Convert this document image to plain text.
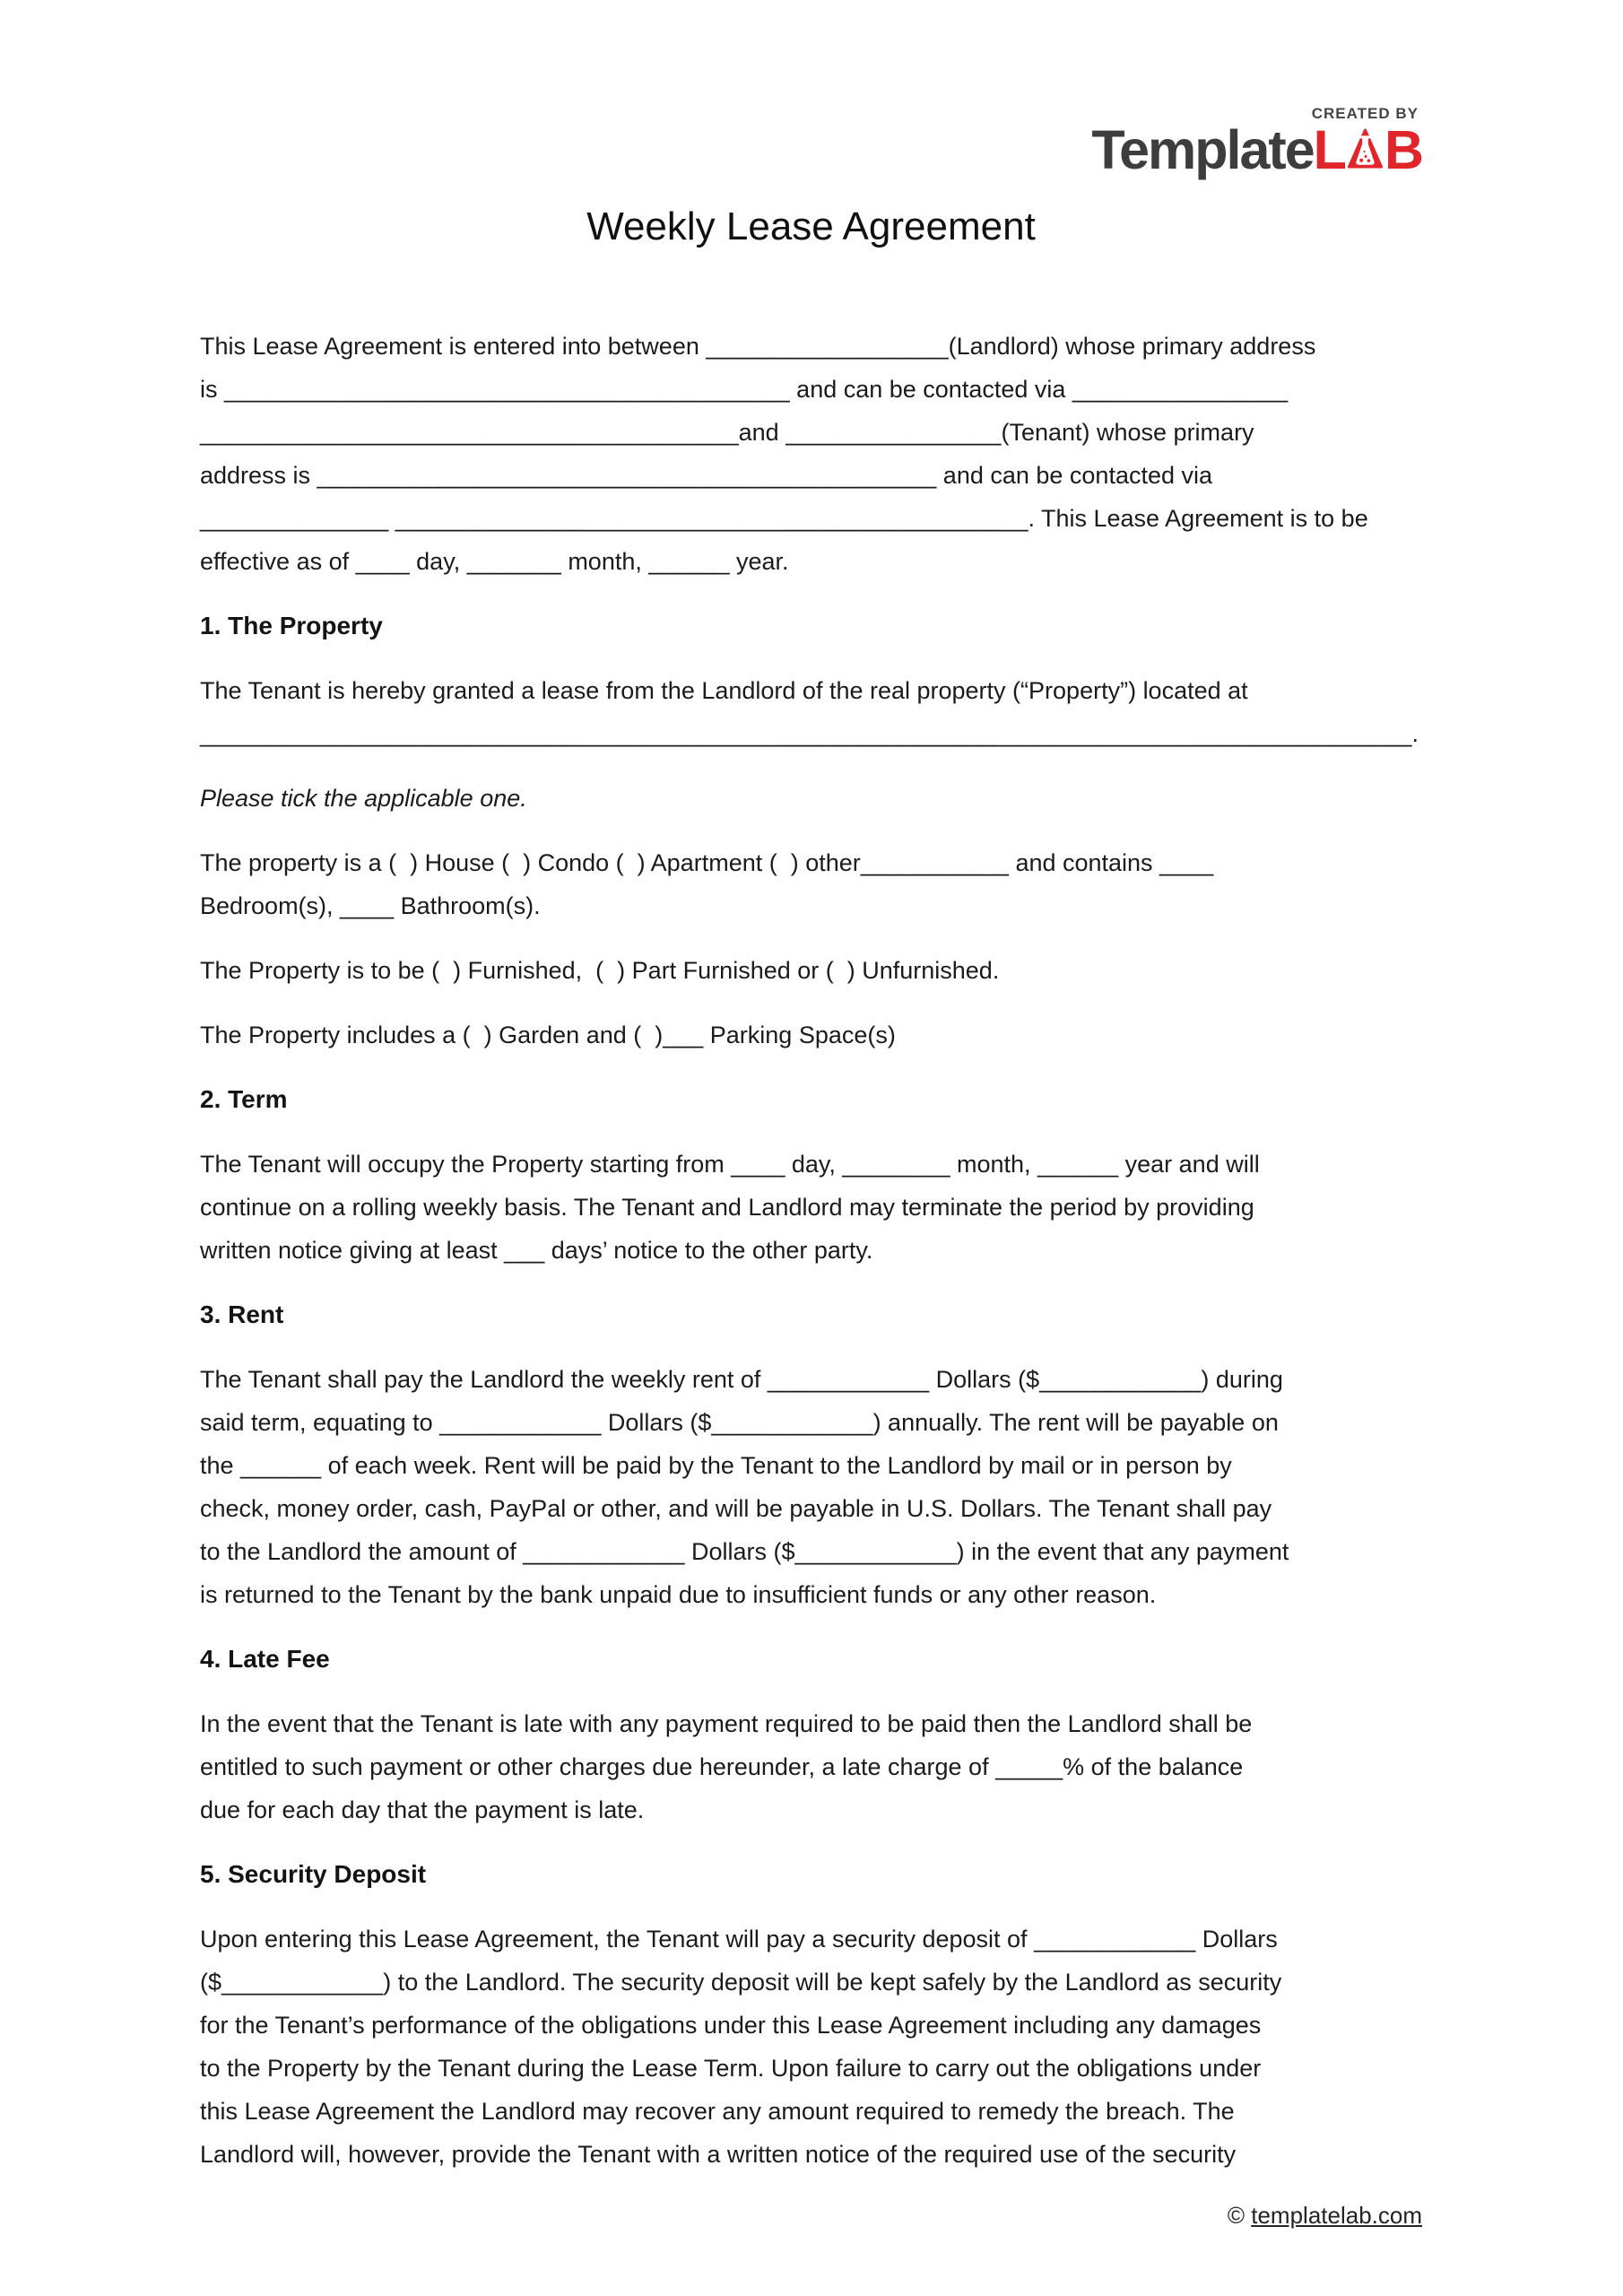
CREATED BY
TemplateL B
Weekly Lease Agreement
This Lease Agreement is entered into between __________________(Landlord) whose primary address
is __________________________________________ and can be contacted via ________________
________________________________________and ________________(Tenant) whose primary
address is ______________________________________________ and can be contacted via
______________ _______________________________________________. This Lease Agreement is to be
effective as of ____ day, _______ month, ______ year.
1. The Property
The Tenant is hereby granted a lease from the Landlord of the real property (“Property”) located at
__________________________________________________________________________________________.
Please tick the applicable one.
The property is a (  ) House (  ) Condo (  ) Apartment (  ) other___________ and contains ____
Bedroom(s), ____ Bathroom(s).
The Property is to be (  ) Furnished,  (  ) Part Furnished or (  ) Unfurnished.
The Property includes a (  ) Garden and (  )___ Parking Space(s)
2. Term
The Tenant will occupy the Property starting from ____ day, ________ month, ______ year and will
continue on a rolling weekly basis. The Tenant and Landlord may terminate the period by providing
written notice giving at least ___ days’ notice to the other party.
3. Rent
The Tenant shall pay the Landlord the weekly rent of ____________ Dollars ($____________) during
said term, equating to ____________ Dollars ($____________) annually. The rent will be payable on
the ______ of each week. Rent will be paid by the Tenant to the Landlord by mail or in person by
check, money order, cash, PayPal or other, and will be payable in U.S. Dollars. The Tenant shall pay
to the Landlord the amount of ____________ Dollars ($____________) in the event that any payment
is returned to the Tenant by the bank unpaid due to insufficient funds or any other reason.
4. Late Fee
In the event that the Tenant is late with any payment required to be paid then the Landlord shall be
entitled to such payment or other charges due hereunder, a late charge of _____% of the balance
due for each day that the payment is late.
5. Security Deposit
Upon entering this Lease Agreement, the Tenant will pay a security deposit of ____________ Dollars
($____________) to the Landlord. The security deposit will be kept safely by the Landlord as security
for the Tenant’s performance of the obligations under this Lease Agreement including any damages
to the Property by the Tenant during the Lease Term. Upon failure to carry out the obligations under
this Lease Agreement the Landlord may recover any amount required to remedy the breach. The
Landlord will, however, provide the Tenant with a written notice of the required use of the security
© templatelab.com
